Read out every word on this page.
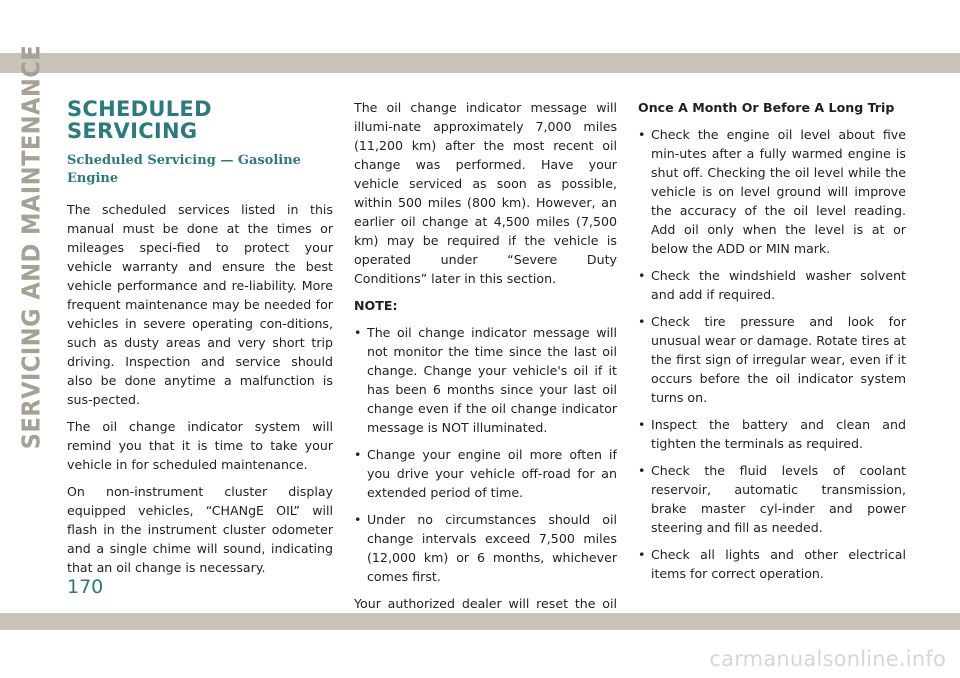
SERVICING AND MAINTENANCE SCHEDULED SERVICING
Scheduled Servicing — Gasoline Engine

The scheduled services listed in this manual must be done at the times or mileages speci-fied to protect your vehicle warranty and ensure the best vehicle performance and re-liability. More frequent maintenance may be needed for vehicles in severe operating con-ditions, such as dusty areas and very short trip driving. Inspection and service should also be done anytime a malfunction is sus-pected.

The oil change indicator system will remind you that it is time to take your vehicle in for scheduled maintenance.

On non-instrument cluster display equipped vehicles, “CHANgE OIL” will flash in the instrument cluster odometer and a single chime will sound, indicating that an oil change is necessary.

The oil change indicator message will illumi-nate approximately 7,000 miles (11,200 km) after the most recent oil change was performed. Have your vehicle serviced as soon as possible, within 500 miles (800 km). However, an earlier oil change at 4,500 miles (7,500 km) may be required if the vehicle is operated under “Severe Duty Conditions” later in this section.

NOTE:
• The oil change indicator message will not monitor the time since the last oil change. Change your vehicle's oil if it has been 6 months since your last oil change even if the oil change indicator message is NOT illuminated.
• Change your engine oil more often if you drive your vehicle off-road for an extended period of time.
• Under no circumstances should oil change intervals exceed 7,500 miles (12,000 km) or 6 months, whichever comes first.

Your authorized dealer will reset the oil

Once A Month Or Before A Long Trip
• Check the engine oil level about five min-utes after a fully warmed engine is shut off. Checking the oil level while the vehicle is on level ground will improve the accuracy of the oil level reading. Add oil only when the level is at or below the ADD or MIN mark.
• Check the windshield washer solvent and add if required.
• Check tire pressure and look for unusual wear or damage. Rotate tires at the first sign of irregular wear, even if it occurs before the oil indicator system turns on.
• Inspect the battery and clean and tighten the terminals as required.
• Check the fluid levels of coolant reservoir, automatic transmission, brake master cyl-inder and power steering and fill as needed.
• Check all lights and other electrical items for correct operation.
170
carmanualsonline.info
